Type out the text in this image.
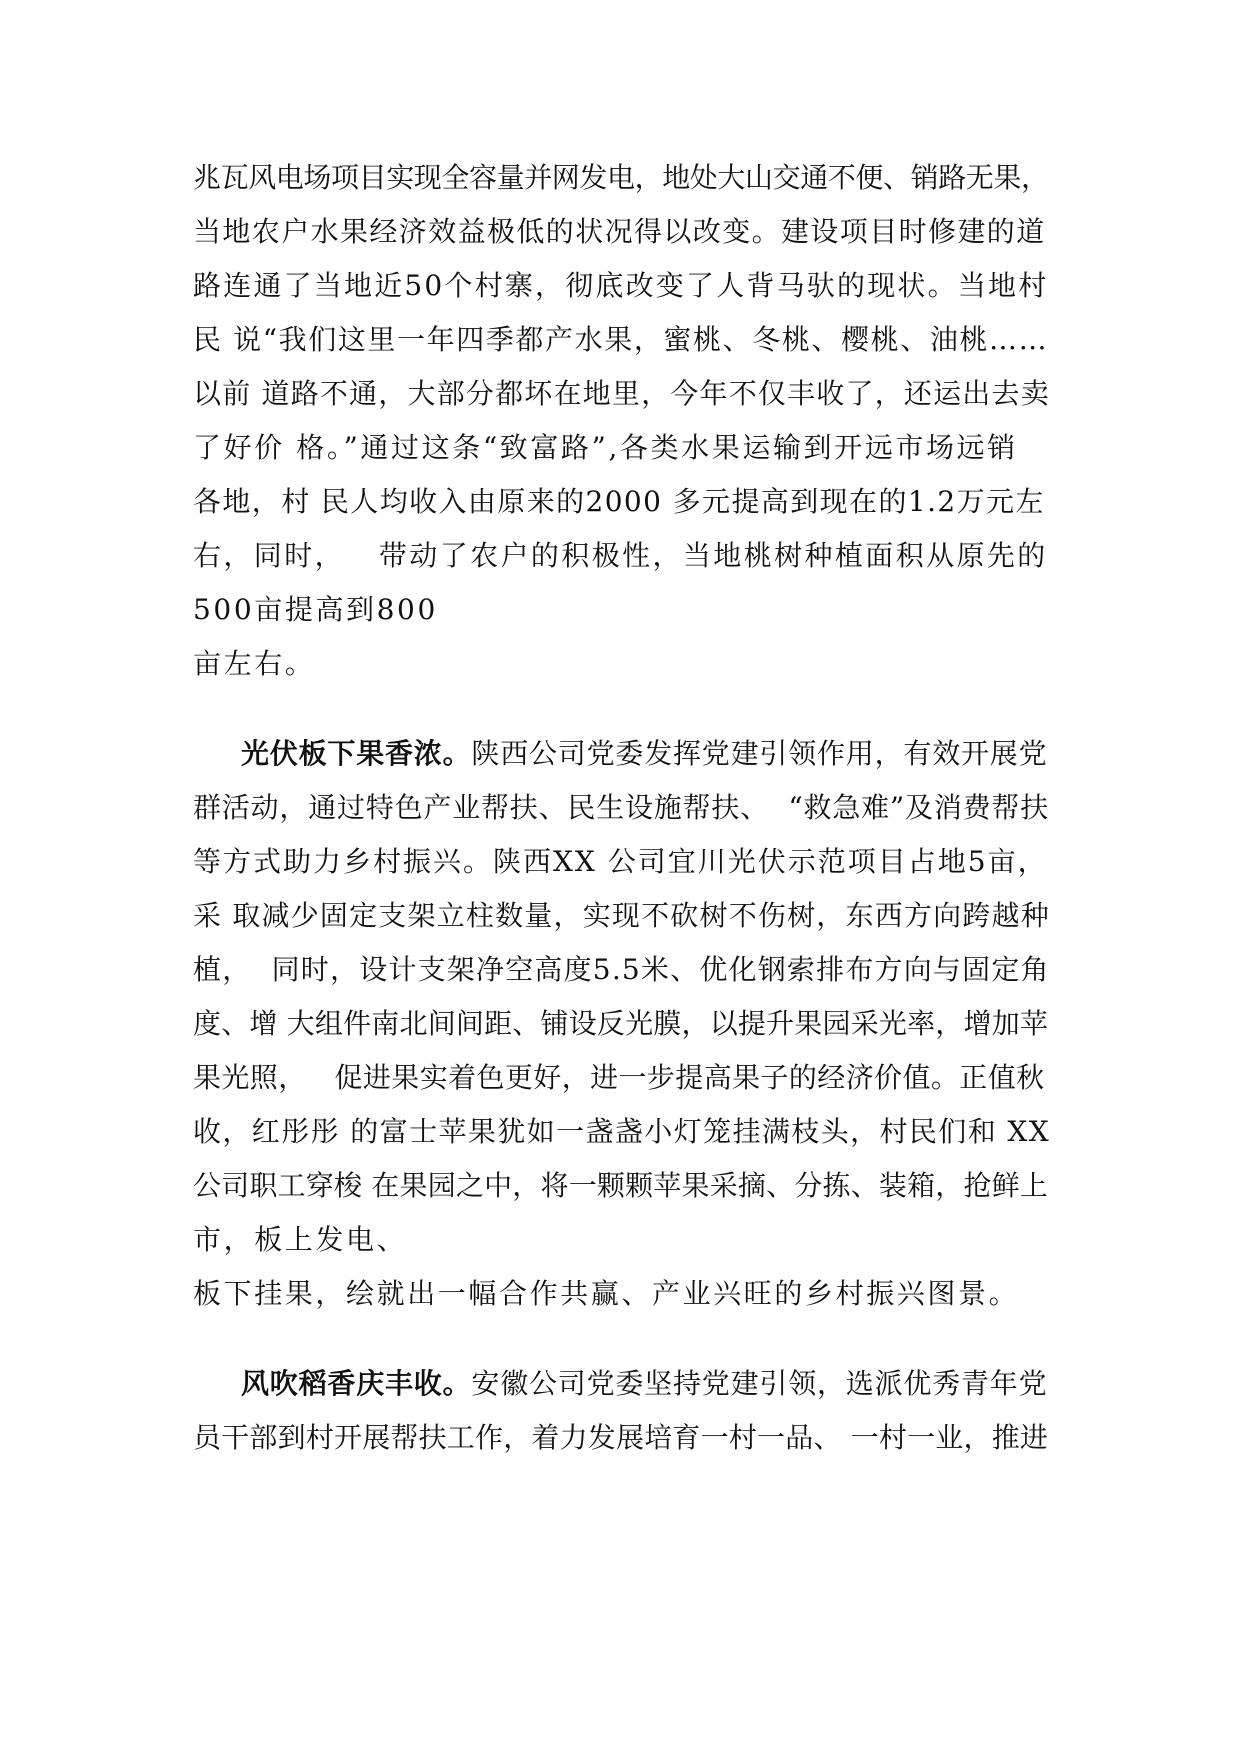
兆瓦风电场项目实现全容量并网发电，地处大山交通不便、销路无果，
当地农户水果经济效益极低的状况得以改变。建设项目时修建的道
路连通了当地近50个村寨，彻底改变了人背马驮的现状。当地村
民 说“我们这里一年四季都产水果，蜜桃、冬桃、樱桃、油桃……
以前 道路不通，大部分都坏在地里，今年不仅丰收了，还运出去卖
了好价 格。”通过这条“致富路”,各类水果运输到开远市场远销
各地，村 民人均收入由原来的2000 多元提高到现在的1.2万元左
右，同时，   带动了农户的积极性，当地桃树种植面积从原先的
500亩提高到800
亩左右。
光伏板下果香浓。陕西公司党委发挥党建引领作用，有效开展党
群活动，通过特色产业帮扶、民生设施帮扶、  “救急难”及消费帮扶
等方式助力乡村振兴。陕西XX 公司宜川光伏示范项目占地5亩，
采 取减少固定支架立柱数量，实现不砍树不伤树，东西方向跨越种
植，  同时，设计支架净空高度5.5米、优化钢索排布方向与固定角
度、增 大组件南北间间距、铺设反光膜，以提升果园采光率，增加苹
果光照，   促进果实着色更好，进一步提高果子的经济价值。正值秋
收，红彤彤 的富士苹果犹如一盏盏小灯笼挂满枝头，村民们和 XX
公司职工穿梭 在果园之中，将一颗颗苹果采摘、分拣、装箱，抢鲜上
市，板上发电、
板下挂果，绘就出一幅合作共赢、产业兴旺的乡村振兴图景。
风吹稻香庆丰收。安徽公司党委坚持党建引领，选派优秀青年党
员干部到村开展帮扶工作，着力发展培育一村一品、 一村一业，推进
